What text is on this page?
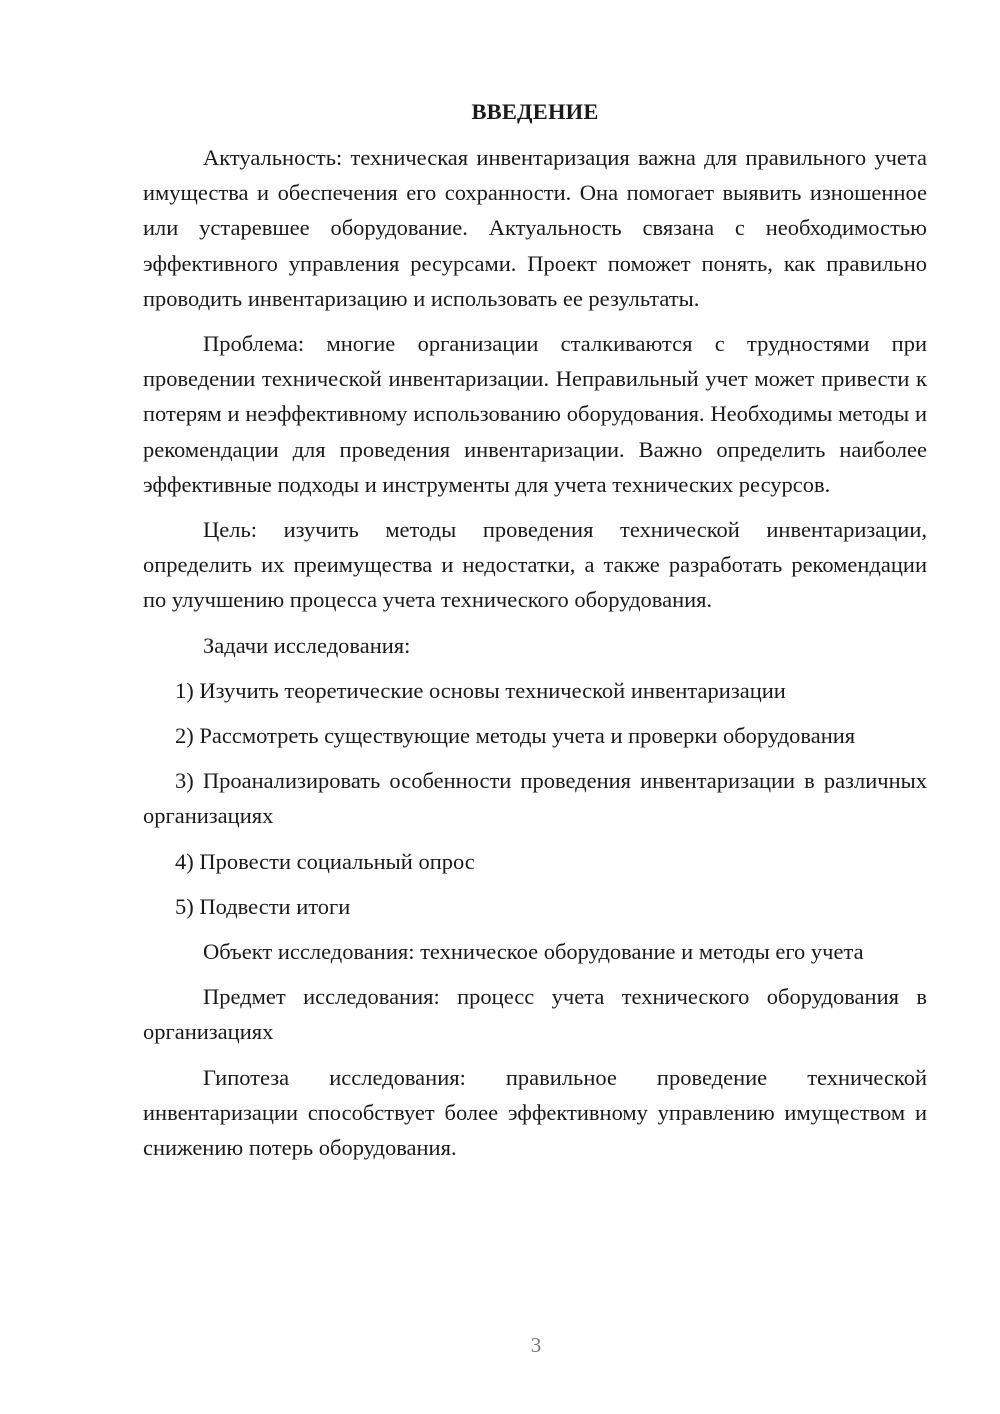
ВВЕДЕНИЕ

Актуальность: техническая инвентаризация важна для правильного учета имущества и обеспечения его сохранности. Она помогает выявить изношенное или устаревшее оборудование. Актуальность связана с необходимостью эффективного управления ресурсами. Проект поможет понять, как правильно проводить инвентаризацию и использовать ее результаты.

Проблема: многие организации сталкиваются с трудностями при проведении технической инвентаризации. Неправильный учет может привести к потерям и неэффективному использованию оборудования. Необходимы методы и рекомендации для проведения инвентаризации. Важно определить наиболее эффективные подходы и инструменты для учета технических ресурсов.

Цель: изучить методы проведения технической инвентаризации, определить их преимущества и недостатки, а также разработать рекомендации по улучшению процесса учета технического оборудования.

Задачи исследования:

1) Изучить теоретические основы технической инвентаризации

2) Рассмотреть существующие методы учета и проверки оборудования

3) Проанализировать особенности проведения инвентаризации в различных организациях

4) Провести социальный опрос

5) Подвести итоги

Объект исследования: техническое оборудование и методы его учета

Предмет исследования: процесс учета технического оборудования в организациях

Гипотеза исследования: правильное проведение технической инвентаризации способствует более эффективному управлению имуществом и снижению потерь оборудования.

3
